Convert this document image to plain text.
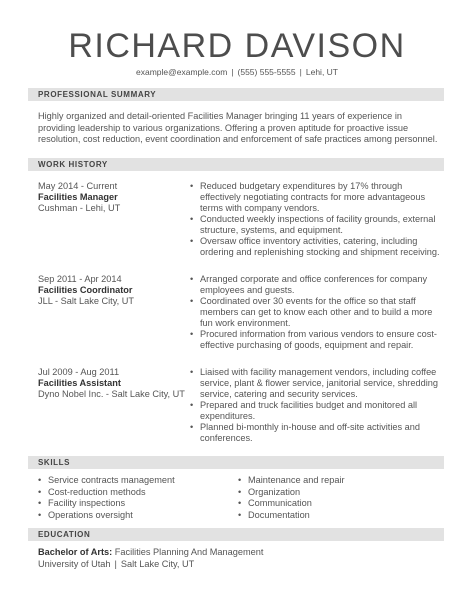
RICHARD DAVISON
example@example.com | (555) 555-5555 | Lehi, UT
PROFESSIONAL SUMMARY
Highly organized and detail-oriented Facilities Manager bringing 11 years of experience in providing leadership to various organizations. Offering a proven aptitude for proactive issue resolution, cost reduction, event coordination and enforcement of safe practices among personnel.
WORK HISTORY
May 2014 - Current
Facilities Manager
Cushman - Lehi, UT
• Reduced budgetary expenditures by 17% through effectively negotiating contracts for more advantageous terms with company vendors.
• Conducted weekly inspections of facility grounds, external structure, systems, and equipment.
• Oversaw office inventory activities, catering, including ordering and replenishing stocking and shipment receiving.
Sep 2011 - Apr 2014
Facilities Coordinator
JLL - Salt Lake City, UT
• Arranged corporate and office conferences for company employees and guests.
• Coordinated over 30 events for the office so that staff members can get to know each other and to build a more fun work environment.
• Procured information from various vendors to ensure cost-effective purchasing of goods, equipment and repair.
Jul 2009 - Aug 2011
Facilities Assistant
Dyno Nobel Inc. - Salt Lake City, UT
• Liaised with facility management vendors, including coffee service, plant & flower service, janitorial service, shredding service, catering and security services.
• Prepared and truck facilities budget and monitored all expenditures.
• Planned bi-monthly in-house and off-site activities and conferences.
SKILLS
• Service contracts management
• Cost-reduction methods
• Facility inspections
• Operations oversight
• Maintenance and repair
• Organization
• Communication
• Documentation
EDUCATION
Bachelor of Arts: Facilities Planning And Management
University of Utah | Salt Lake City, UT
